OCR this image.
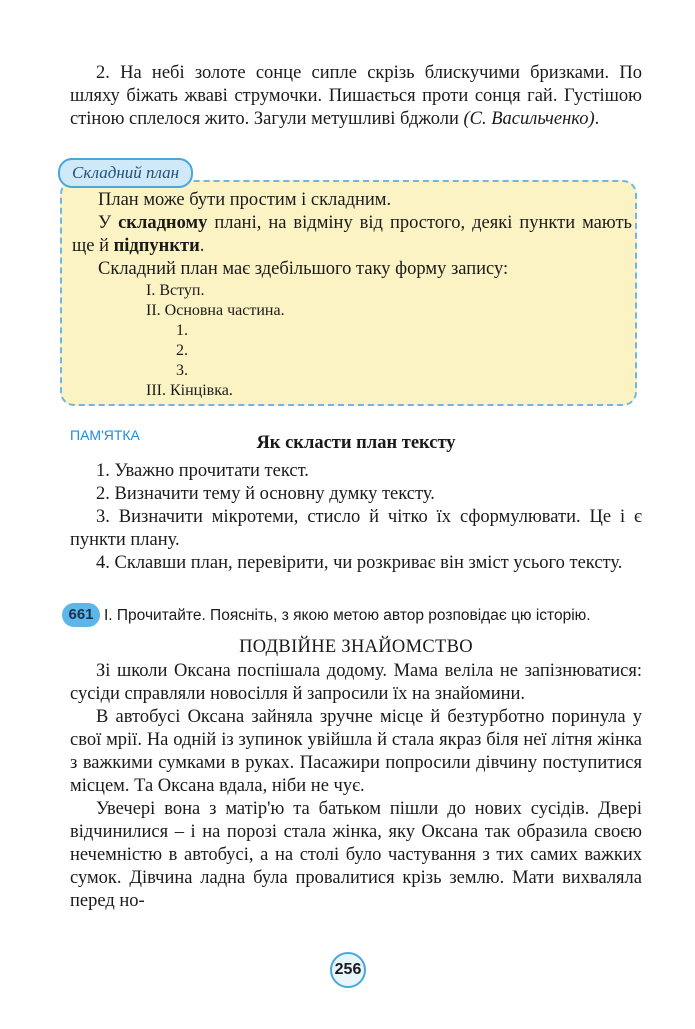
2. На небі золоте сонце сипле скрізь блискучими бризками. По шляху біжать жваві струмочки. Пишається проти сонця гай. Густішою стіною сплелося жито. Загули метушливі бджоли (С. Васильченко).

Складний план

План може бути простим і складним.

У складному плані, на відміну від простого, деякі пункти мають ще й підпункти.

Складний план має здебільшого таку форму запису:

I. Вступ.

II. Основна частина.

1.

2.

3.

III. Кінцівка.

ПАМ'ЯТКА	Як скласти план тексту

1. Уважно прочитати текст.

2. Визначити тему й основну думку тексту.

3. Визначити мікротеми, стисло й чітко їх сформулювати. Це і є пункти плану.

4. Склавши план, перевірити, чи розкриває він зміст усього тексту.

661 I. Прочитайте. Поясніть, з якою метою автор розповідає цю історію.
ПОДВІЙНЕ ЗНАЙОМСТВО

Зі школи Оксана поспішала додому. Мама веліла не запізнюватися: сусіди справляли новосілля й запросили їх на знайомини.

В автобусі Оксана зайняла зручне місце й безтурботно поринула у свої мрії. На одній із зупинок увійшла й стала якраз біля неї літня жінка з важкими сумками в руках. Пасажири попросили дівчину поступитися місцем. Та Оксана вдала, ніби не чує.

Увечері вона з матір'ю та батьком пішли до нових сусідів. Двері відчинилися – і на порозі стала жінка, яку Оксана так образила своєю нечемністю в автобусі, а на столі було частування з тих самих важких сумок. Дівчина ладна була провалитися крізь землю. Мати вихваляла перед но-

256
